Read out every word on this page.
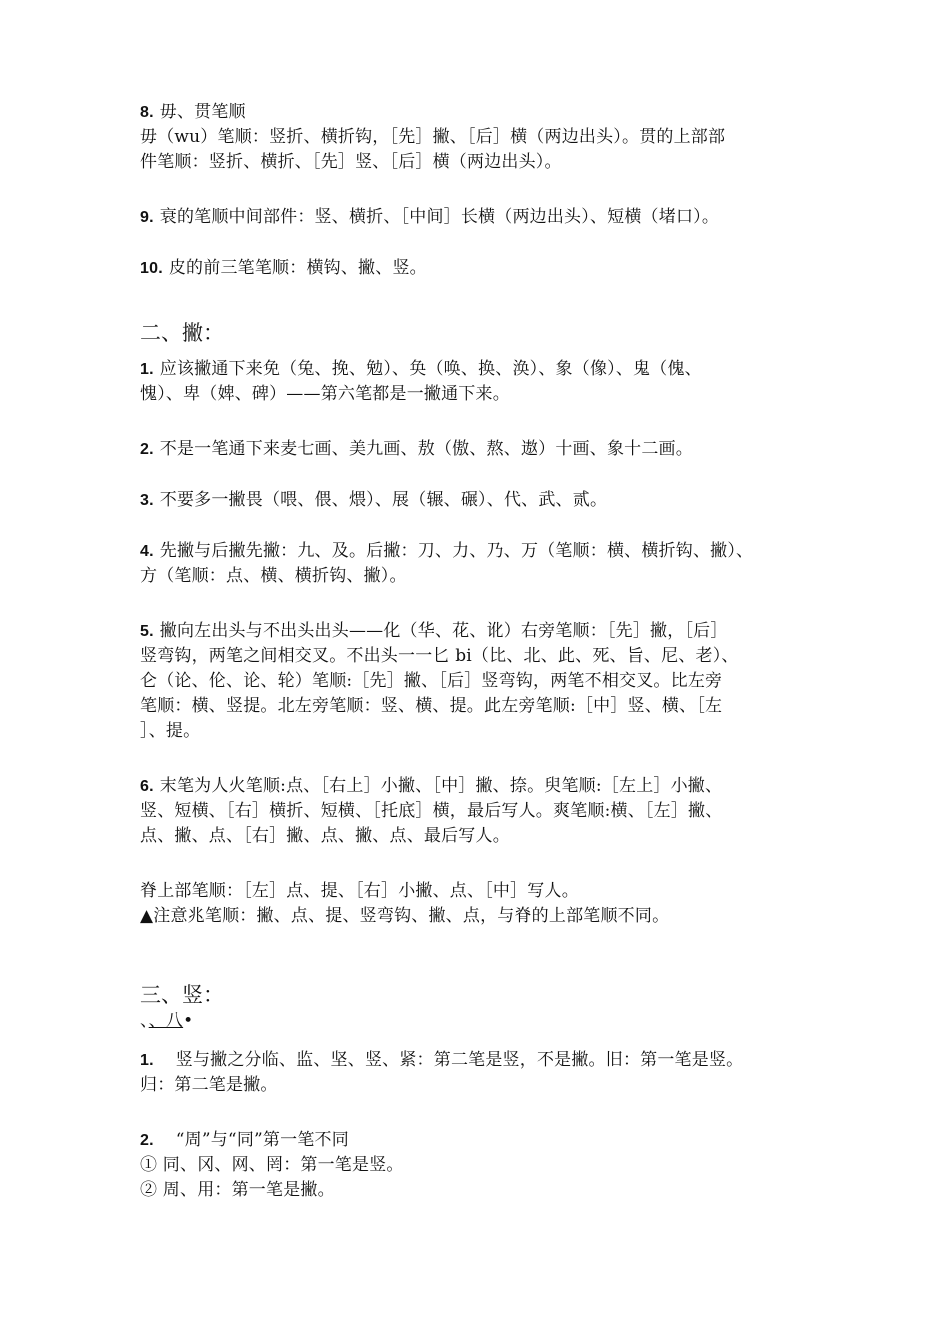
8. 毋、贯笔顺
毋（wu）笔顺：竖折、横折钩，［先］撇、［后］横（两边出头）。贯的上部部
件笔顺：竖折、横折、［先］竖、［后］横（两边出头）。
9. 衰的笔顺中间部件：竖、横折、［中间］长横（两边出头）、短横（堵口）。
10. 皮的前三笔笔顺：横钩、撇、竖。
二、撇：
1. 应该撇通下来免（兔、挽、勉）、奂（唤、换、涣）、象（像）、鬼（傀、
愧）、卑（婢、碑）——第六笔都是一撇通下来。
2. 不是一笔通下来麦七画、美九画、敖（傲、熬、遨）十画、象十二画。
3. 不要多一撇畏（喂、偎、煨）、展（辗、碾）、代、武、贰。
4. 先撇与后撇先撇：九、及。后撇：刀、力、乃、万（笔顺：横、横折钩、撇）、
方（笔顺：点、横、横折钩、撇）。
5. 撇向左出头与不出头出头——化（华、花、讹）右旁笔顺：［先］撇，［后］
竖弯钩，两笔之间相交叉。不出头一一匕 bi（比、北、此、死、旨、尼、老）、
仑（论、伦、论、轮）笔顺:［先］撇、［后］竖弯钩，两笔不相交叉。比左旁
笔顺：横、竖提。北左旁笔顺：竖、横、提。此左旁笔顺:［中］竖、横、［左
］、提。
6. 末笔为人火笔顺:点、［右上］小撇、［中］撇、捺。臾笔顺:［左上］小撇、
竖、短横、［右］横折、短横、［托底］横，最后写人。爽笔顺:横、［左］撇、
点、撇、点、［右］撇、点、撇、点、最后写人。
脊上部笔顺：［左］点、提、［右］小撇、点、［中］写人。
▲注意兆笔顺：撇、点、提、竖弯钩、撇、点，与脊的上部笔顺不同。
三、竖：
、、八•
1. 竖与撇之分临、监、坚、竖、紧：第二笔是竖，不是撇。旧：第一笔是竖。
归：第二笔是撇。
2. “周”与“同”第一笔不同
① 同、冈、网、罔：第一笔是竖。
② 周、用：第一笔是撇。
